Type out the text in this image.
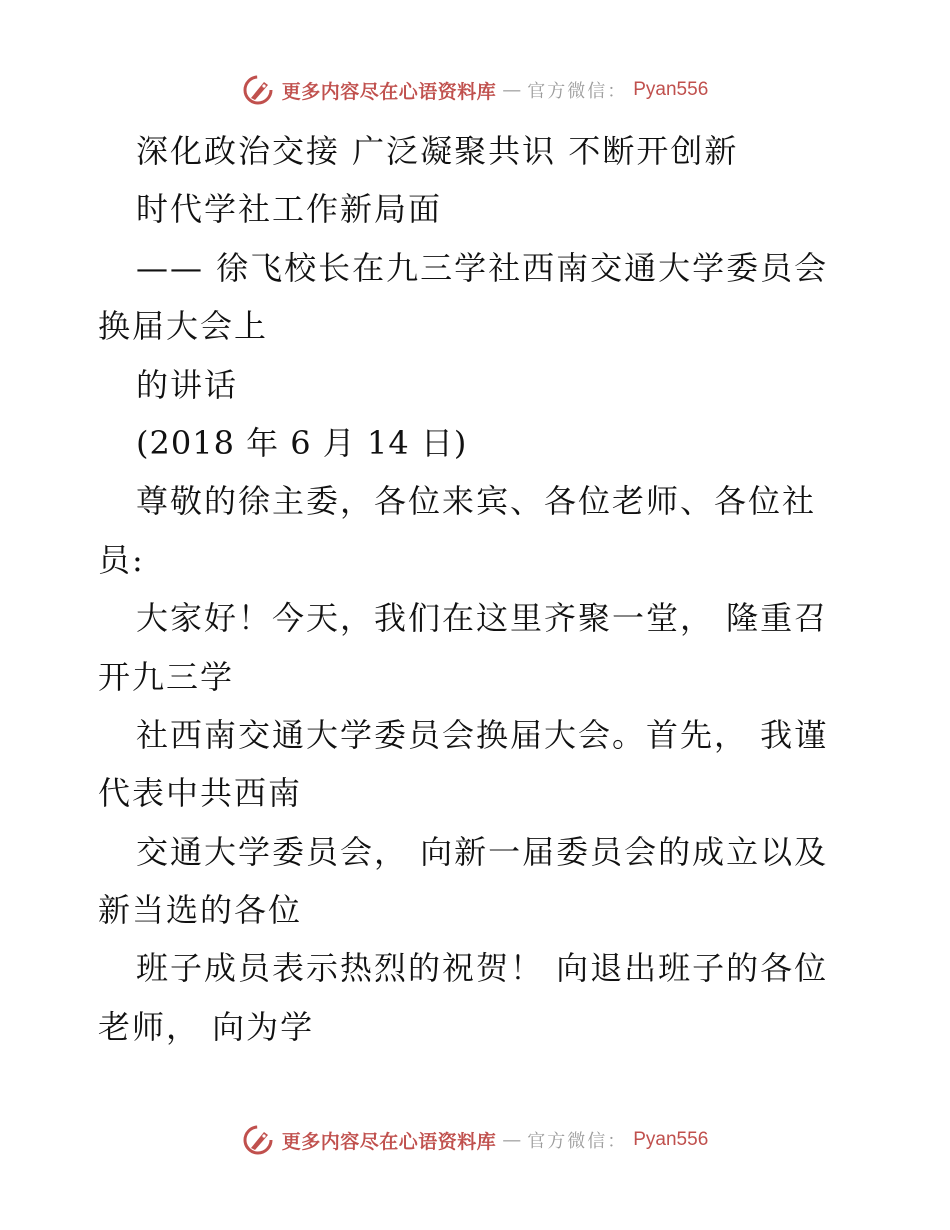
更多内容尽在心语资料库 — 官方微信： Pyan556
深化政治交接 广泛凝聚共识 不断开创新
时代学社工作新局面
—— 徐飞校长在九三学社西南交通大学委员会
换届大会上
的讲话
(2018 年 6 月 14 日)
尊敬的徐主委，各位来宾、各位老师、各位社
员:
大家好！今天，我们在这里齐聚一堂， 隆重召
开九三学
社西南交通大学委员会换届大会。首先， 我谨
代表中共西南
交通大学委员会， 向新一届委员会的成立以及
新当选的各位
班子成员表示热烈的祝贺！ 向退出班子的各位
老师， 向为学
更多内容尽在心语资料库 — 官方微信： Pyan556
